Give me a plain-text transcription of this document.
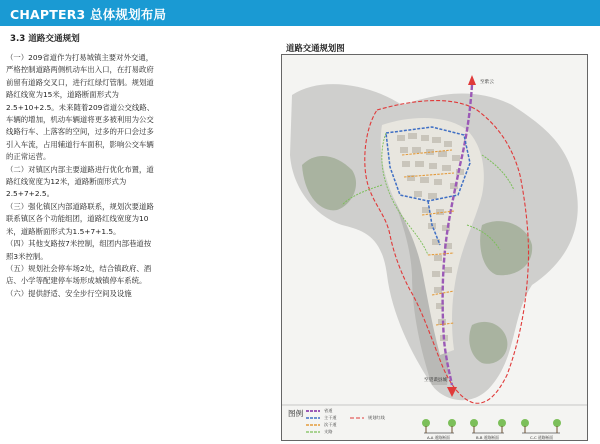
CHAPTER3 总体规划布局
3.3 道路交通规划

（一）209省道作为打易城镇主要对外交通，严格控制道路两侧机动车出入口，在打易政府前留有道路交叉口，进行红绿灯管制。规划道路红线宽为15米，道路断面形式为2.5+10+2.5。未来随着209省道公交线路、车辆的增加，机动车辆道将更多被利用为公交线路行车、上落客的空间，过多的开口会过多引入车流，占用辅道行车面积，影响公交车辆的正常运营。

（二）对镇区内部主要道路进行优化布置，道路红线宽度为12米，道路断面形式为2.5+7+2.5。

（三）强化镇区内部道路联系，规划次要道路联系镇区各个功能组团，道路红线宽度为10米，道路断面形式为1.5+7+1.5。

（四）其他支路按7米控制，组团内部巷道按照3米控制。

（五）规划社会停车场2处，结合镇政府、酒店、小学等配建停车场形成城镇停车系统。

（六）提供舒适、安全步行空间及设施

道路交通规划图
至紫云
至望谟县城
图例	省道
主干道
次干道
支路
规划红线
A-A 道路断面	B-B 道路断面	C-C 道路断面
